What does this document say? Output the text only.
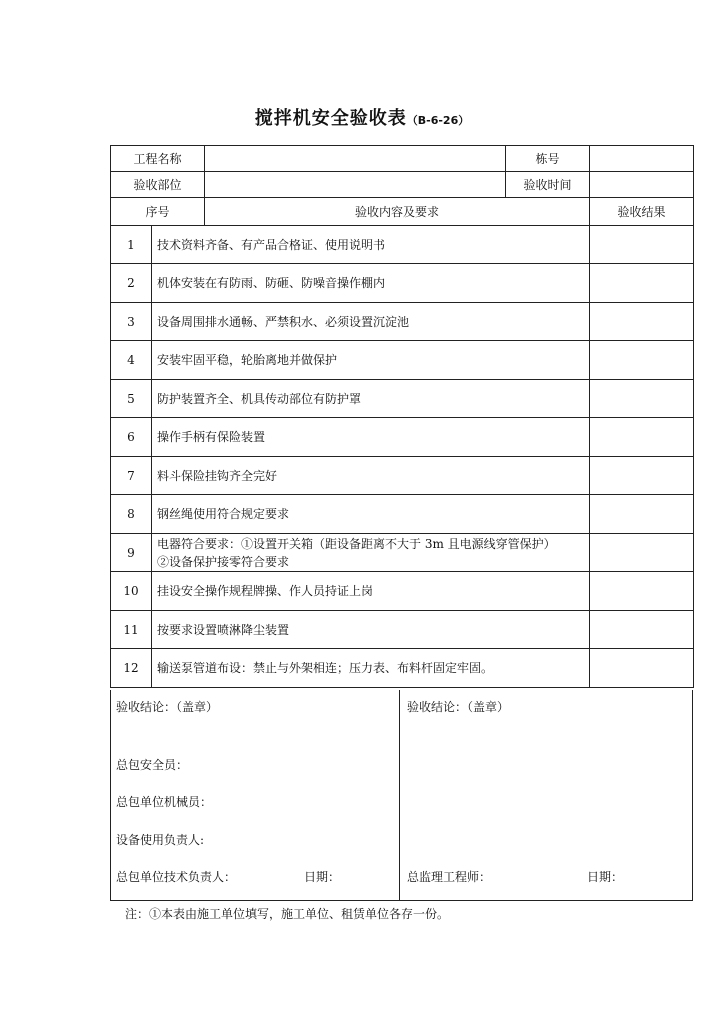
搅拌机安全验收表（B-6-26）
工程名称			栋号	
验收部位			验收时间	
序号		验收内容及要求		验收结果
1	技术资料齐备、有产品合格证、使用说明书			
2	机体安装在有防雨、防砸、防噪音操作棚内			
3	设备周围排水通畅、严禁积水、必须设置沉淀池			
4	安装牢固平稳，轮胎离地并做保护			
5	防护装置齐全、机具传动部位有防护罩			
6	操作手柄有保险装置			
7	料斗保险挂钩齐全完好			
8	钢丝绳使用符合规定要求			
9	电器符合要求：①设置开关箱（距设备距离不大于 3m 且电源线穿管保护）
②设备保护接零符合要求			

10	挂设安全操作规程牌操、作人员持证上岗			
11	按要求设置喷淋降尘装置			
12	输送泵管道布设：禁止与外架相连；压力表、布料杆固定牢固。			
验收结论：（盖章）
总包安全员：
总包单位机械员：
设备使用负责人:
总包单位技术负责人：	日期：
验收结论：（盖章）
总监理工程师：	日期：
注：①本表由施工单位填写，施工单位、租赁单位各存一份。
